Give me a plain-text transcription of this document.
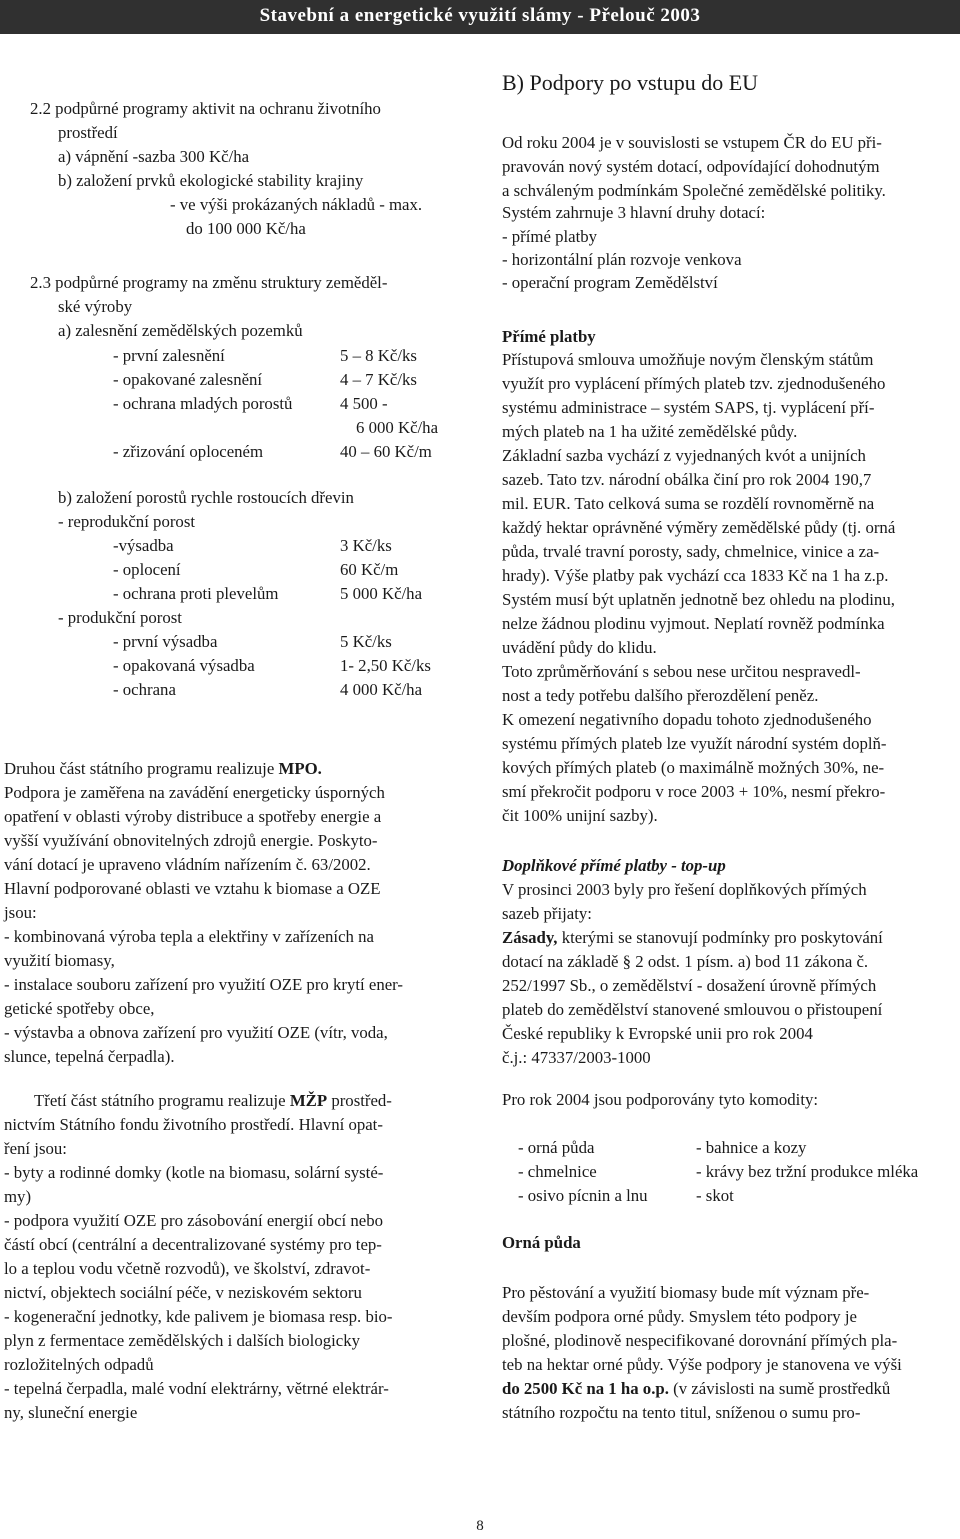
Stavební a energetické využití slámy - Přelouč 2003
2.2 podpůrné programy aktivit na ochranu životního
prostředí
a) vápnění -sazba 300 Kč/ha
b) založení prvků ekologické stability krajiny
- ve výši prokázaných nákladů - max.
do 100 000 Kč/ha
2.3 podpůrné programy na změnu struktury zeměděl-
ské výroby
a) zalesnění zemědělských pozemků
- první zalesnění	5 – 8 Kč/ks
- opakované zalesnění	4 – 7 Kč/ks
- ochrana mladých porostů	4 500 -
6 000 Kč/ha
- zřizování oploceném	40 – 60 Kč/m
b) založení porostů rychle rostoucích dřevin
- reprodukční porost
-výsadba	3 Kč/ks
- oplocení	60 Kč/m
- ochrana proti plevelům	5 000 Kč/ha
- produkční porost
- první výsadba	5 Kč/ks
- opakovaná výsadba	1- 2,50 Kč/ks
- ochrana	4 000 Kč/ha
Druhou část státního programu realizuje MPO.
Podpora je zaměřena na zavádění energeticky úsporných
opatření v oblasti výroby distribuce a spotřeby energie a
vyšší využívání obnovitelných zdrojů energie. Poskyto-
vání dotací je upraveno vládním nařízením č. 63/2002.
Hlavní podporované oblasti ve vztahu k biomase a OZE
jsou:
- kombinovaná výroba tepla a elektřiny v zařízeních na
využití biomasy,
- instalace souboru zařízení pro využití OZE pro krytí ener-
getické spotřeby obce,
- výstavba a obnova zařízení pro využití OZE (vítr, voda,
slunce, tepelná čerpadla).
Třetí část státního programu realizuje MŽP prostřed-
nictvím Státního fondu životního prostředí. Hlavní opat-
ření jsou:
- byty a rodinné domky (kotle na biomasu, solární systé-
my)
- podpora využití OZE pro zásobování energií obcí nebo
částí obcí (centrální a decentralizované systémy pro tep-
lo a teplou vodu včetně rozvodů), ve školství, zdravot-
nictví, objektech sociální péče, v neziskovém sektoru
- kogenerační jednotky, kde palivem je biomasa resp. bio-
plyn z fermentace zemědělských i dalších biologicky
rozložitelných odpadů
- tepelná čerpadla, malé vodní elektrárny, větrné elektrár-
ny, sluneční energie
B) Podpory po vstupu do EU
Od roku 2004 je v souvislosti se vstupem ČR do EU při-
pravován nový systém dotací, odpovídající dohodnutým
a schváleným podmínkám Společné zemědělské politiky.
Systém zahrnuje 3 hlavní druhy dotací:
- přímé platby
- horizontální plán rozvoje venkova
- operační program Zemědělství
Přímé platby
Přístupová smlouva umožňuje novým členským státům
využít pro vyplácení přímých plateb tzv. zjednodušeného
systému administrace – systém SAPS, tj. vyplácení pří-
mých plateb na 1 ha užité zemědělské půdy.
Základní sazba vychází z vyjednaných kvót a unijních
sazeb. Tato tzv. národní obálka činí pro rok 2004 190,7
mil. EUR. Tato celková suma se rozdělí rovnoměrně na
každý hektar oprávněné výměry zemědělské půdy (tj. orná
půda, trvalé travní porosty, sady, chmelnice, vinice a za-
hrady). Výše platby pak vychází cca 1833 Kč na 1 ha z.p.
Systém musí být uplatněn jednotně bez ohledu na plodinu,
nelze žádnou plodinu vyjmout. Neplatí rovněž podmínka
uvádění půdy do klidu.
Toto zprůměrňování s sebou nese určitou nespravedl-
nost a tedy potřebu dalšího přerozdělení peněz.
K omezení negativního dopadu tohoto zjednodušeného
systému přímých plateb lze využít národní systém doplň-
kových přímých plateb (o maximálně možných 30%, ne-
smí překročit podporu v roce 2003 + 10%, nesmí překro-
čit 100% unijní sazby).
Doplňkové přímé platby - top-up
V prosinci 2003 byly pro řešení doplňkových přímých
sazeb přijaty:
Zásady, kterými se stanovují podmínky pro poskytování
dotací na základě § 2 odst. 1 písm. a) bod 11 zákona č.
252/1997 Sb., o zemědělství - dosažení úrovně přímých
plateb do zemědělství stanovené smlouvou o přistoupení
České republiky k Evropské unii pro rok 2004
č.j.: 47337/2003-1000
Pro rok 2004 jsou podporovány tyto komodity:
- orná půda	- bahnice a kozy
- chmelnice	- krávy bez tržní produkce mléka
- osivo pícnin a lnu	- skot
Orná půda
Pro pěstování a využití biomasy bude mít význam pře-
devším podpora orné půdy. Smyslem této podpory je
plošné, plodinově nespecifikované dorovnání přímých pla-
teb na hektar orné půdy. Výše podpory je stanovena ve výši
do 2500 Kč na 1 ha o.p. (v závislosti na sumě prostředků
státního rozpočtu na tento titul, sníženou o sumu pro-
8
